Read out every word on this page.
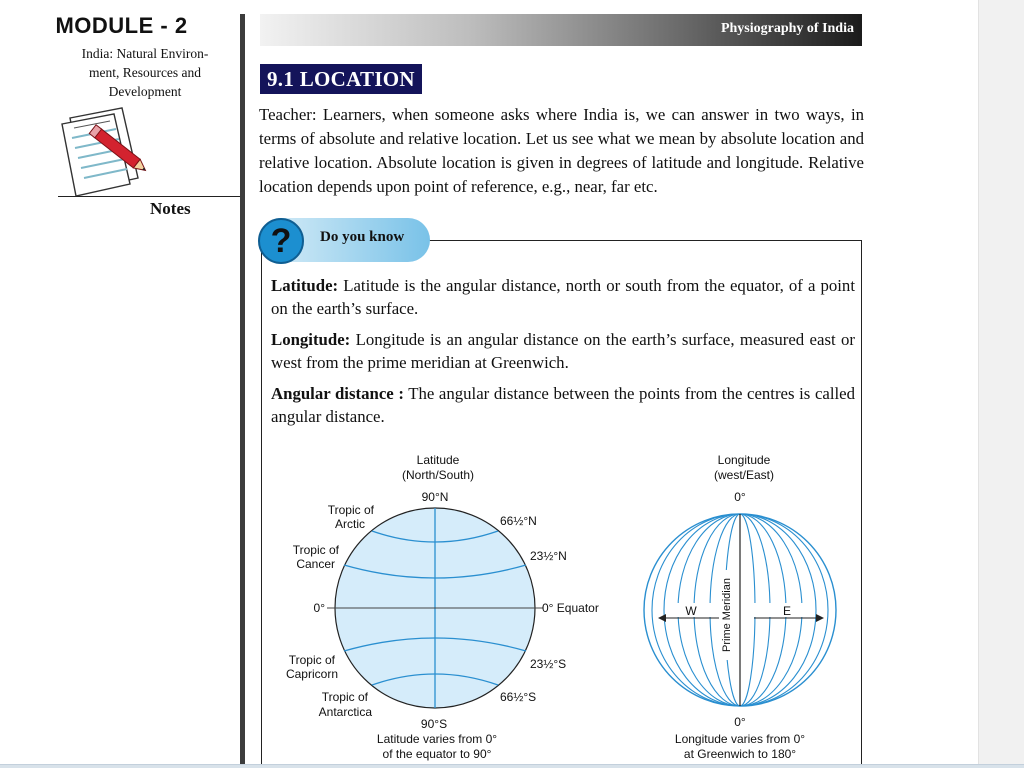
MODULE - 2
India: Natural Environ-
ment, Resources and
Development
Notes
Physiography of India
9.1 LOCATION

Teacher: Learners, when someone asks where India is, we can answer in two ways, in terms of absolute and relative location. Let us see what we mean by absolute location and relative location. Absolute location is given in degrees of latitude and longitude. Relative location depends upon point of reference, e.g., near, far etc.

? Do you know

Latitude: Latitude is the angular distance, north or south from the equator, of a point on the earth’s surface.

Longitude: Longitude is an angular distance on the earth’s surface, measured east or west from the prime meridian at Greenwich.

Angular distance : The angular distance between the points from the centres is called angular distance.

Latitude
(North/South)
90°N
Tropic of
Arctic
Tropic of
Cancer
0°
Tropic of
Capricorn
Tropic of
Antarctica
66½°N
23½°N
0° Equator
23½°S
66½°S
90°S
Latitude varies from 0°
of the equator to 90°
Longitude
(west/East)
0°
W	E
Prime Meridian
0°
Longitude varies from 0°
at Greenwich to 180°
